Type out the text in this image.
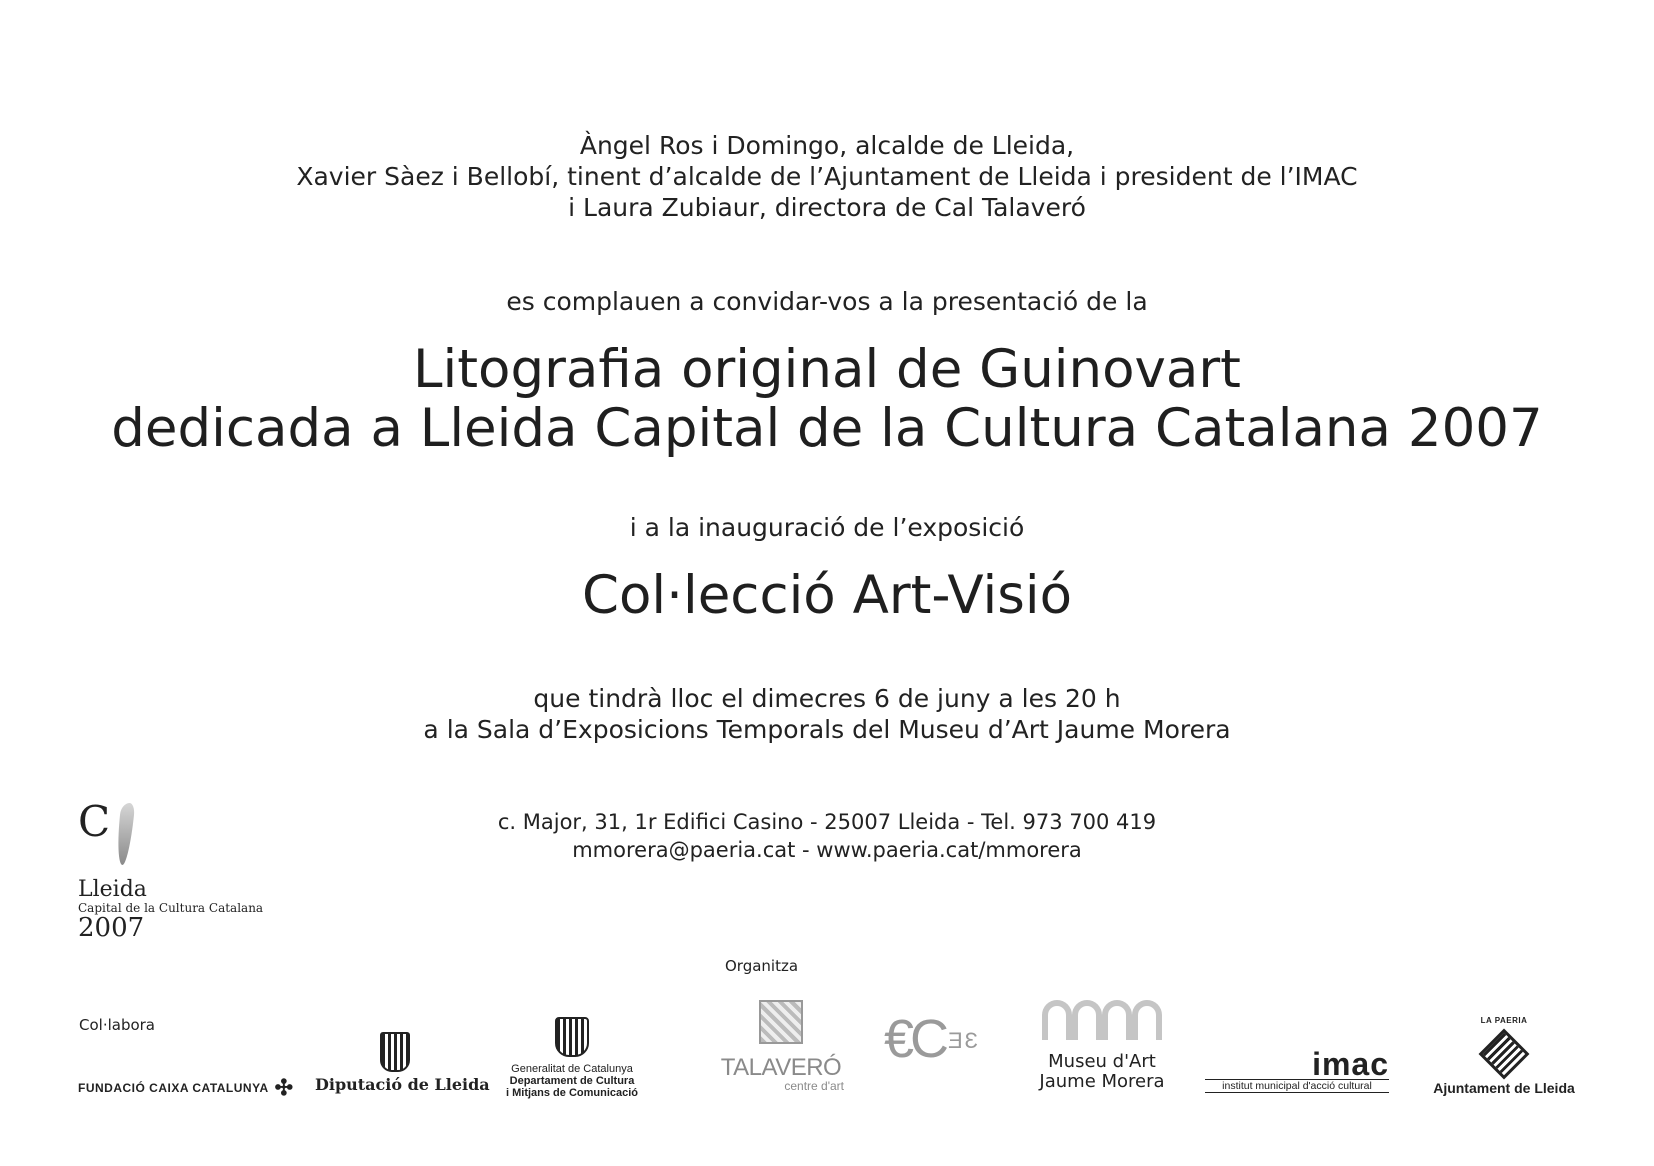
Àngel Ros i Domingo, alcalde de Lleida,
Xavier Sàez i Bellobí, tinent d’alcalde de l’Ajuntament de Lleida i president de l’IMAC
i Laura Zubiaur, directora de Cal Talaveró
es complauen a convidar-vos a la presentació de la
Litografia original de Guinovart
dedicada a Lleida Capital de la Cultura Catalana 2007
i a la inauguració de l’exposició
Col·lecció Art-Visió
que tindrà lloc el dimecres 6 de juny a les 20 h
a la Sala d’Exposicions Temporals del Museu d’Art Jaume Morera
c. Major, 31, 1r Edifici Casino - 25007 Lleida - Tel. 973 700 419
mmorera@paeria.cat - www.paeria.cat/mmorera
C
Lleida
Capital de la Cultura Catalana
2007
Organitza
Col·labora
FUNDACIÓ CAIXA CATALUNYA ✣ Diputació de Lleida
Generalitat de Catalunya
Departament de Cultura
i Mitjans de Comunicació
TALAVERÓ
centre d'art
€C ƎƐ
Museu d'Art
Jaume Morera	imac
institut municipal d'acció cultural
LA PAERIA
Ajuntament de Lleida
